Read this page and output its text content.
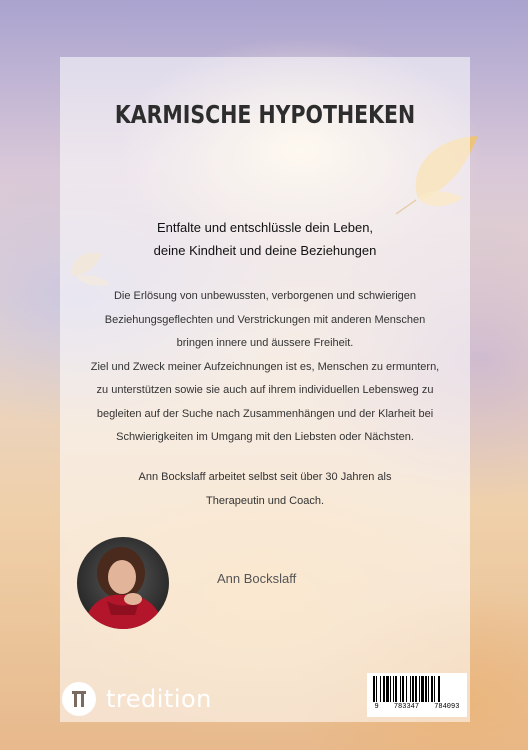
KARMISCHE HYPOTHEKEN
Entfalte und entschlüssle dein Leben,
deine Kindheit und deine Beziehungen
Die Erlösung von unbewussten, verborgenen und schwierigen
Beziehungsgeflechten und Verstrickungen mit anderen Menschen
bringen innere und äussere Freiheit.
Ziel und Zweck meiner Aufzeichnungen ist es, Menschen zu ermuntern,
zu unterstützen sowie sie auch auf ihrem individuellen Lebensweg zu
begleiten auf der Suche nach Zusammenhängen und der Klarheit bei
Schwierigkeiten im Umgang mit den Liebsten oder Nächsten.
Ann Bockslaff arbeitet selbst seit über 30 Jahren als
Therapeutin und Coach.
Ann Bockslaff
tredition	9 783347 784093
